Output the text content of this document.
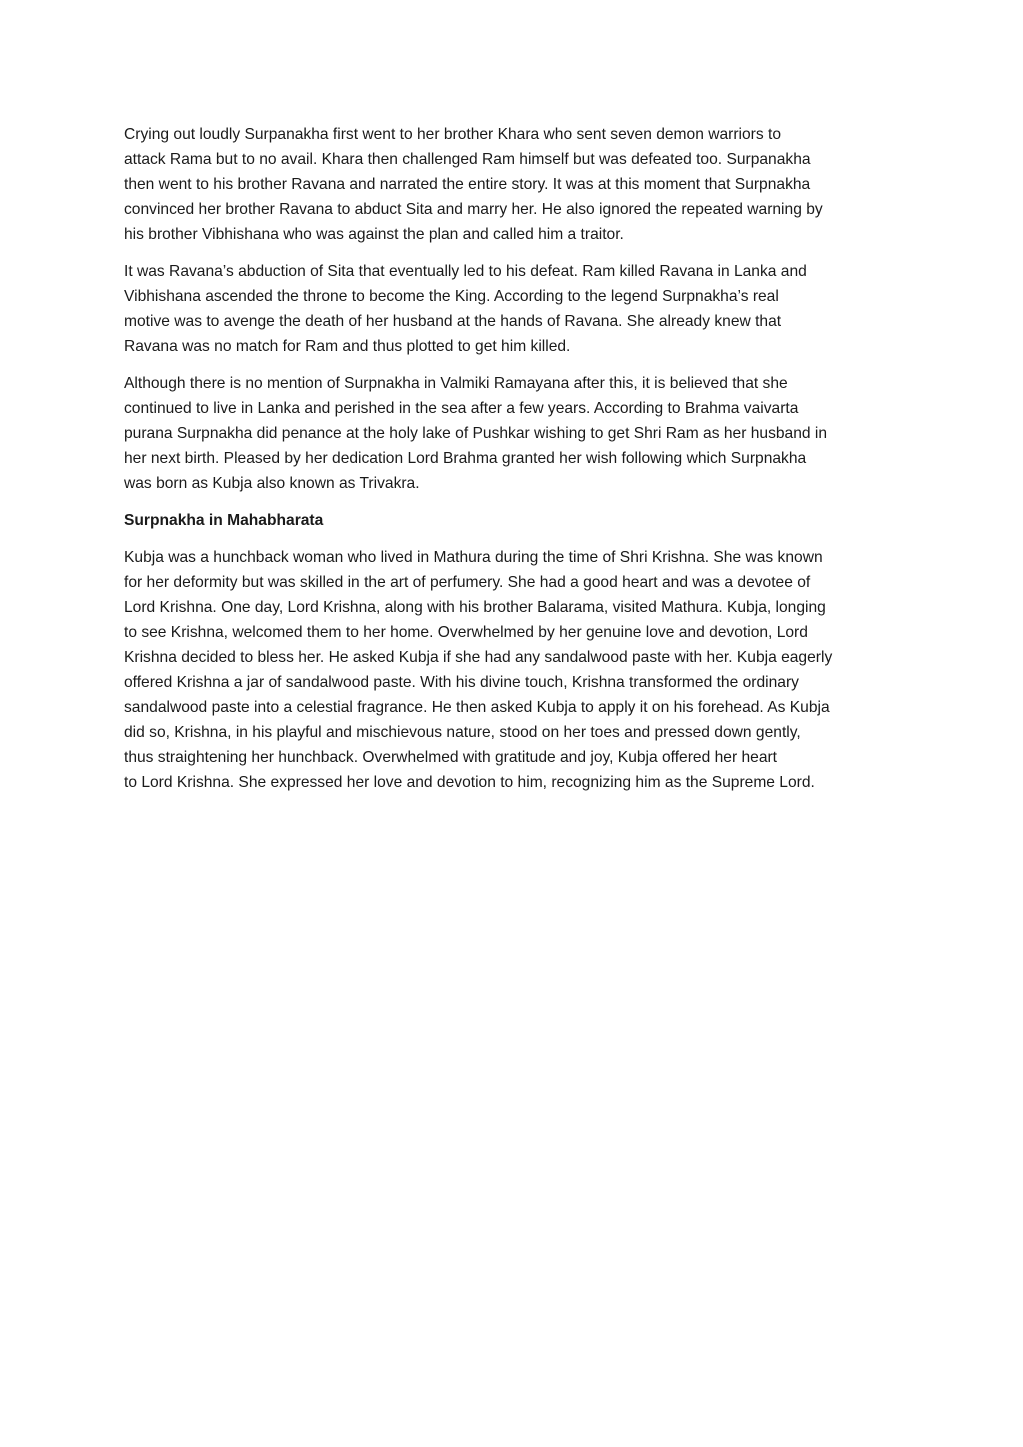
Crying out loudly Surpanakha first went to her brother Khara who sent seven demon warriors to
attack Rama but to no avail. Khara then challenged Ram himself but was defeated too. Surpanakha
then went to his brother Ravana and narrated the entire story. It was at this moment that Surpnakha
convinced her brother Ravana to abduct Sita and marry her. He also ignored the repeated warning by
his brother Vibhishana who was against the plan and called him a traitor.

It was Ravana’s abduction of Sita that eventually led to his defeat. Ram killed Ravana in Lanka and
Vibhishana ascended the throne to become the King. According to the legend Surpnakha’s real
motive was to avenge the death of her husband at the hands of Ravana. She already knew that
Ravana was no match for Ram and thus plotted to get him killed.

Although there is no mention of Surpnakha in Valmiki Ramayana after this, it is believed that she
continued to live in Lanka and perished in the sea after a few years. According to Brahma vaivarta
purana Surpnakha did penance at the holy lake of Pushkar wishing to get Shri Ram as her husband in
her next birth. Pleased by her dedication Lord Brahma granted her wish following which Surpnakha
was born as Kubja also known as Trivakra.

Surpnakha in Mahabharata

Kubja was a hunchback woman who lived in Mathura during the time of Shri Krishna. She was known
for her deformity but was skilled in the art of perfumery. She had a good heart and was a devotee of
Lord Krishna. One day, Lord Krishna, along with his brother Balarama, visited Mathura. Kubja, longing
to see Krishna, welcomed them to her home. Overwhelmed by her genuine love and devotion, Lord
Krishna decided to bless her. He asked Kubja if she had any sandalwood paste with her. Kubja eagerly
offered Krishna a jar of sandalwood paste. With his divine touch, Krishna transformed the ordinary
sandalwood paste into a celestial fragrance. He then asked Kubja to apply it on his forehead. As Kubja
did so, Krishna, in his playful and mischievous nature, stood on her toes and pressed down gently,
thus straightening her hunchback. Overwhelmed with gratitude and joy, Kubja offered her heart
to Lord Krishna. She expressed her love and devotion to him, recognizing him as the Supreme Lord.
